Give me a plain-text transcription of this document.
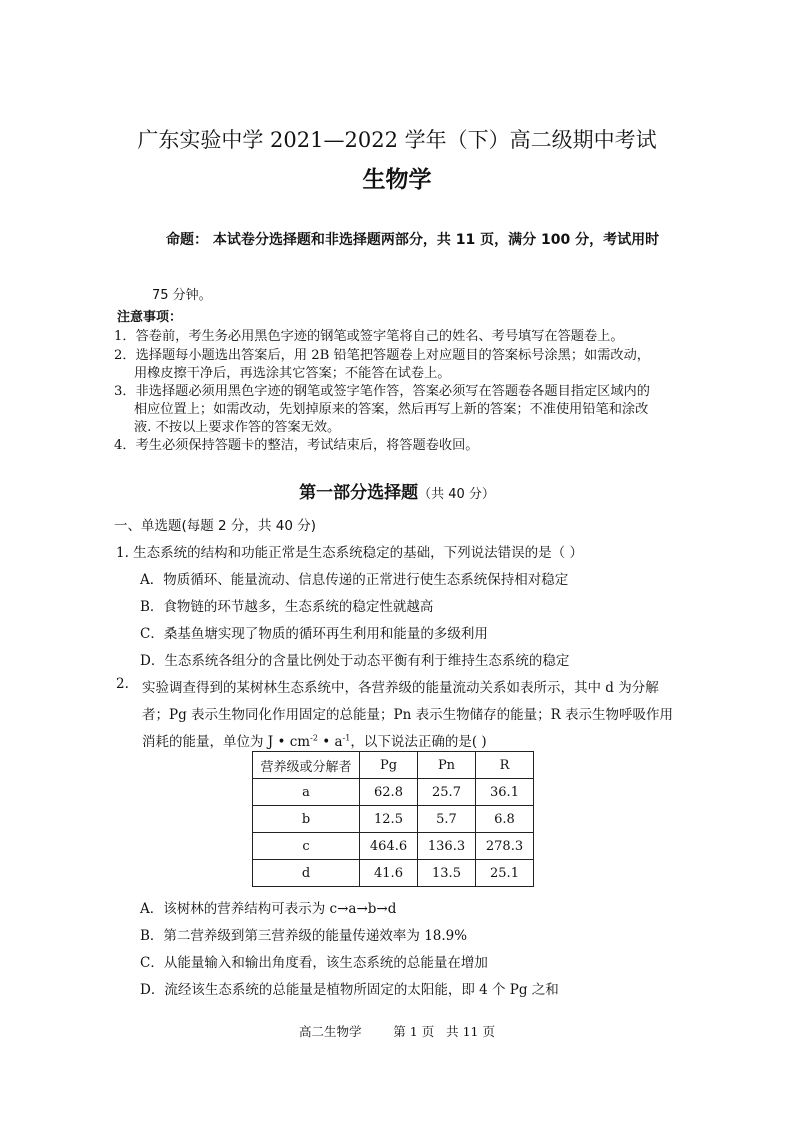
广东实验中学 2021—2022 学年（下）高二级期中考试
生物学
命题： 本试卷分选择题和非选择题两部分，共 11 页，满分 100 分，考试用时
75 分钟。
注意事项：
1．答卷前，考生务必用黑色字迹的钢笔或签字笔将自己的姓名、考号填写在答题卷上。
2．选择题每小题选出答案后，用 2B 铅笔把答题卷上对应题目的答案标号涂黑；如需改动，
用橡皮擦干净后，再选涂其它答案；不能答在试卷上。
3．非选择题必须用黑色字迹的钢笔或签字笔作答，答案必须写在答题卷各题目指定区域内的
相应位置上；如需改动，先划掉原来的答案，然后再写上新的答案；不准使用铅笔和涂改
液. 不按以上要求作答的答案无效。
4．考生必须保持答题卡的整洁，考试结束后，将答题卷收回。
第一部分选择题（共 40 分）
一、单选题(每题 2 分，共 40 分)
1. 生态系统的结构和功能正常是生态系统稳定的基础，下列说法错误的是（ ）
A．物质循环、能量流动、信息传递的正常进行使生态系统保持相对稳定
B．食物链的环节越多，生态系统的稳定性就越高
C．桑基鱼塘实现了物质的循环再生利用和能量的多级利用
D．生态系统各组分的含量比例处于动态平衡有利于维持生态系统的稳定
2. 实验调查得到的某树林生态系统中，各营养级的能量流动关系如表所示，其中 d 为分解
者；Pg 表示生物同化作用固定的总能量；Pn 表示生物储存的能量；R 表示生物呼吸作用
消耗的能量，单位为 J • $cm^{-2}$ • $a^{-1}$，以下说法正确的是( )
营养级或分解者	Pg	Pn	R
a	62.8	25.7	36.1
b	12.5	5.7	6.8
c	464.6	136.3	278.3
d	41.6	13.5	25.1
A．该树林的营养结构可表示为 c→a→b→d
B．第二营养级到第三营养级的能量传递效率为 18.9%
C．从能量输入和输出角度看，该生态系统的总能量在增加
D．流经该生态系统的总能量是植物所固定的太阳能，即 4 个 Pg 之和
高二生物学        第 1 页   共 11 页
